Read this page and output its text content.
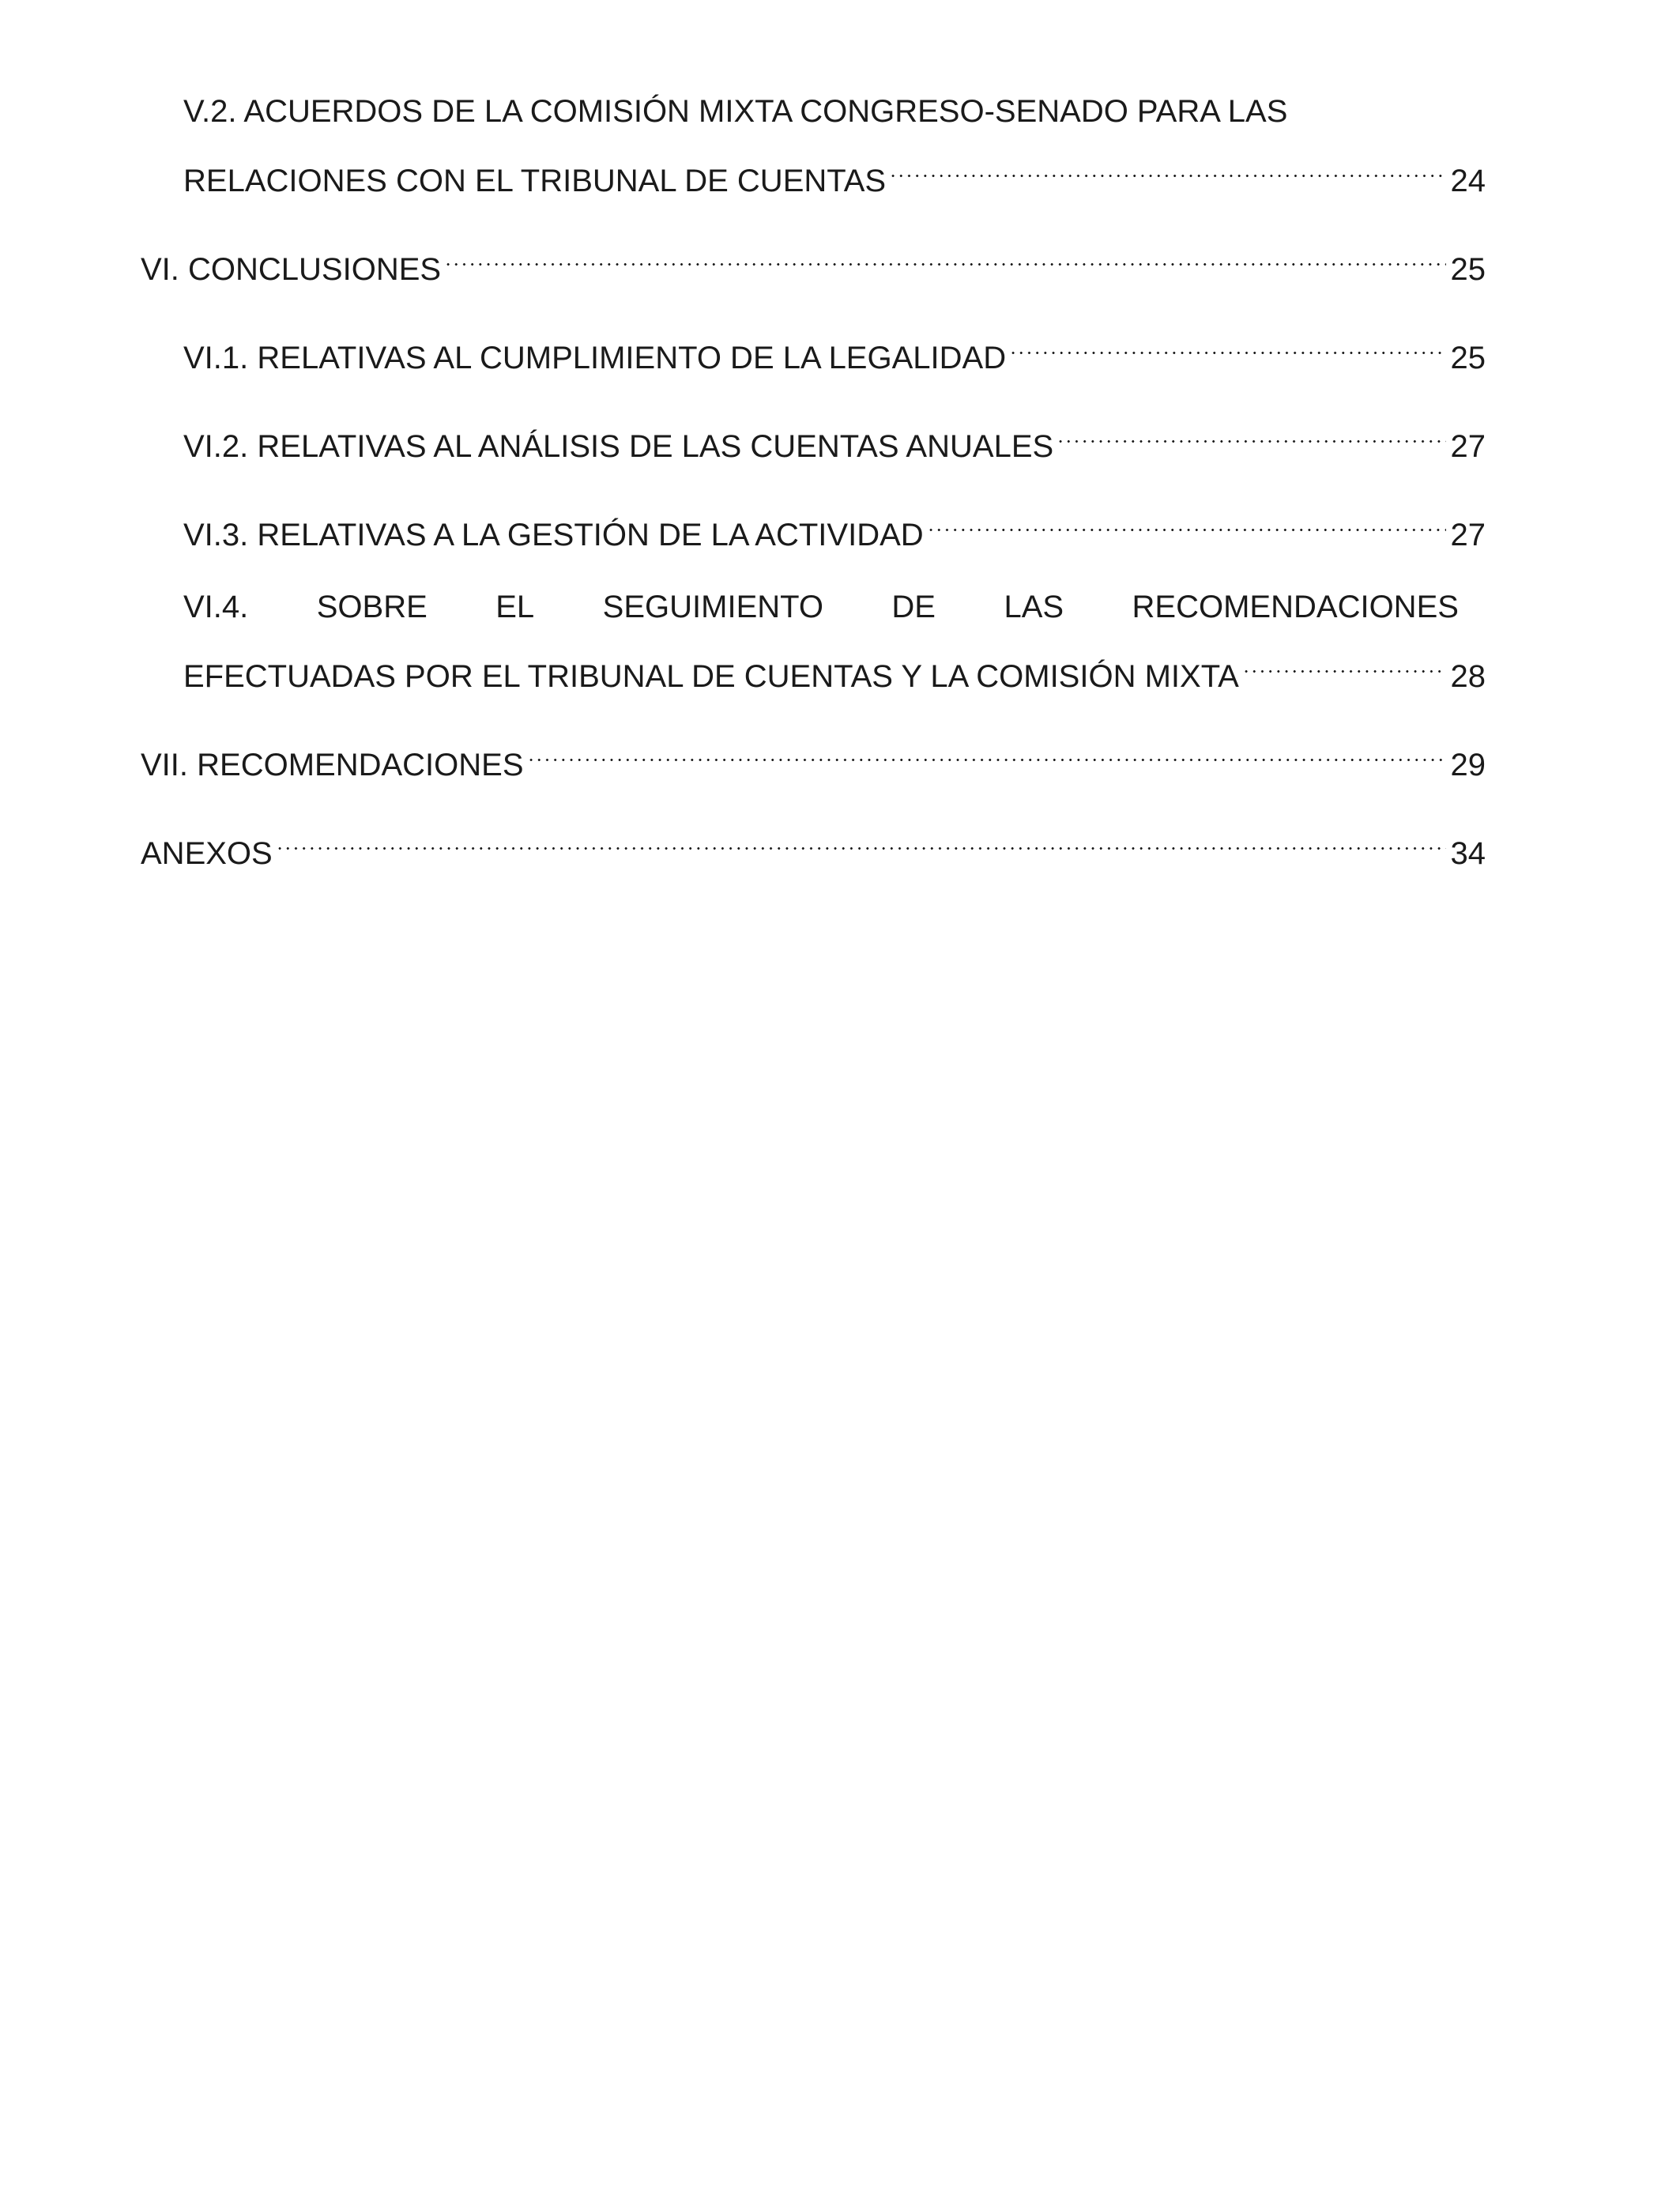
V.2. ACUERDOS DE LA COMISIÓN MIXTA CONGRESO-SENADO PARA LAS
RELACIONES CON EL TRIBUNAL DE CUENTAS	24
VI. CONCLUSIONES	25
VI.1. RELATIVAS AL CUMPLIMIENTO DE LA LEGALIDAD	25
VI.2. RELATIVAS AL ANÁLISIS DE LAS CUENTAS ANUALES	27
VI.3. RELATIVAS A LA GESTIÓN DE LA ACTIVIDAD	27
VI.4. SOBRE EL SEGUIMIENTO DE LAS RECOMENDACIONES
EFECTUADAS POR EL TRIBUNAL DE CUENTAS Y LA COMISIÓN MIXTA	28
VII. RECOMENDACIONES	29
ANEXOS	34
